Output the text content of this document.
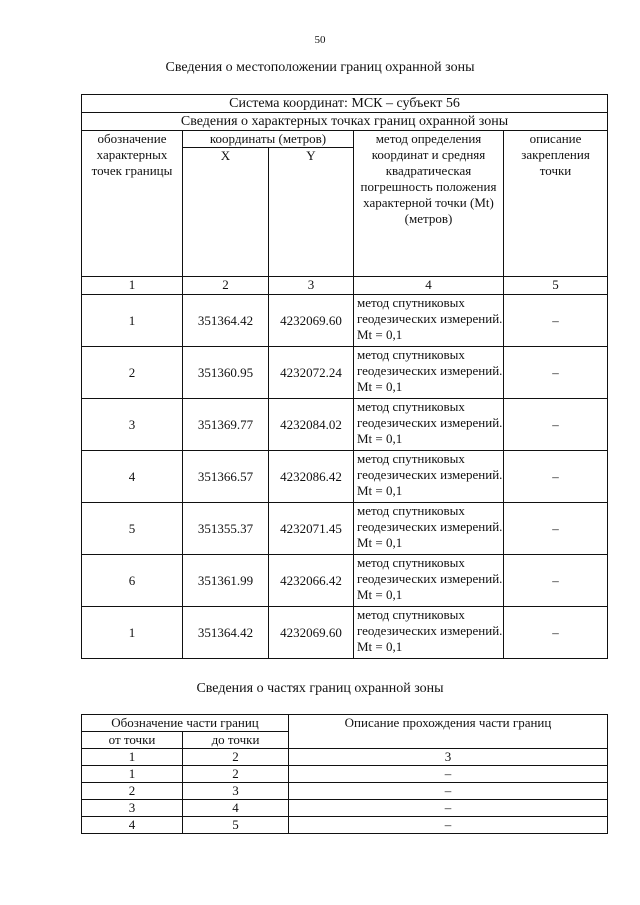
50
Сведения о местоположении границ охранной зоны
Система координат: МСК – субъект 56				
Сведения о характерных точках границ охранной зоны				
обозначение характерных точек границы	координаты (метров)		метод определения координат и средняя квадратическая погрешность положения характерной точки (Mt) (метров)	описание закрепления точки
	X	Y		
1	2	3	4	5
1	351364.42	4232069.60	метод спутниковых геодезических измерений. Mt = 0,1	–
2	351360.95	4232072.24	метод спутниковых геодезических измерений. Mt = 0,1	–
3	351369.77	4232084.02	метод спутниковых геодезических измерений. Mt = 0,1	–
4	351366.57	4232086.42	метод спутниковых геодезических измерений. Mt = 0,1	–
5	351355.37	4232071.45	метод спутниковых геодезических измерений. Mt = 0,1	–
6	351361.99	4232066.42	метод спутниковых геодезических измерений. Mt = 0,1	–
1	351364.42	4232069.60	метод спутниковых геодезических измерений. Mt = 0,1	–
Сведения о частях границ охранной зоны
Обозначение части границ		Описание прохождения части границ
от точки	до точки	
1	2	3
1	2	–
2	3	–
3	4	–
4	5	–
